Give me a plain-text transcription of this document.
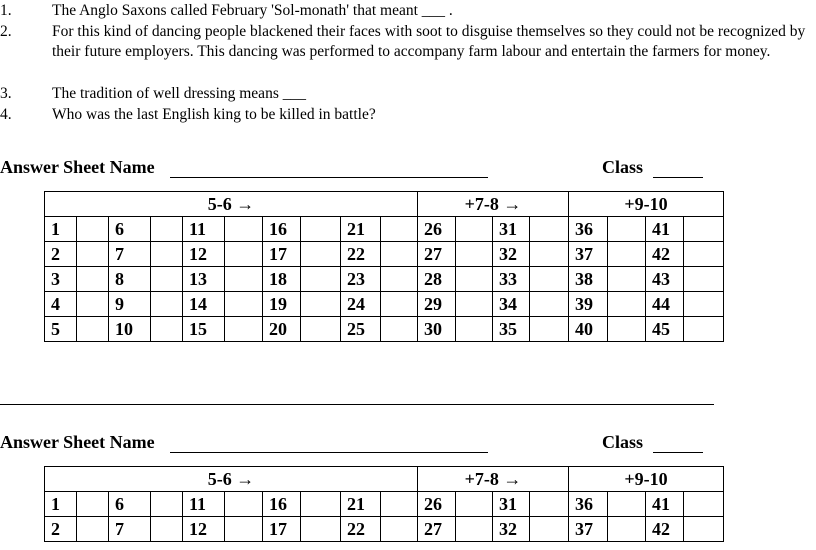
1.	The Anglo Saxons called February 'Sol-monath' that meant ___ .
2.	For this kind of dancing people blackened their faces with soot to disguise themselves so they could not be recognized by their future employers. This dancing was performed to accompany farm labour and entertain the farmers for money.
3.	The tradition of well dressing means ___
4.	Who was the last English king to be killed in battle?
Answer Sheet Name	Class
5-6 →										+7-8 →				+9-10			
1		6		11		16		21		26		31		36		41	
2		7		12		17		22		27		32		37		42	
3		8		13		18		23		28		33		38		43	
4		9		14		19		24		29		34		39		44	
5		10		15		20		25		30		35		40		45	
Answer Sheet Name	Class
5-6 →										+7-8 →				+9-10			
1		6		11		16		21		26		31		36		41	
2		7		12		17		22		27		32		37		42	
